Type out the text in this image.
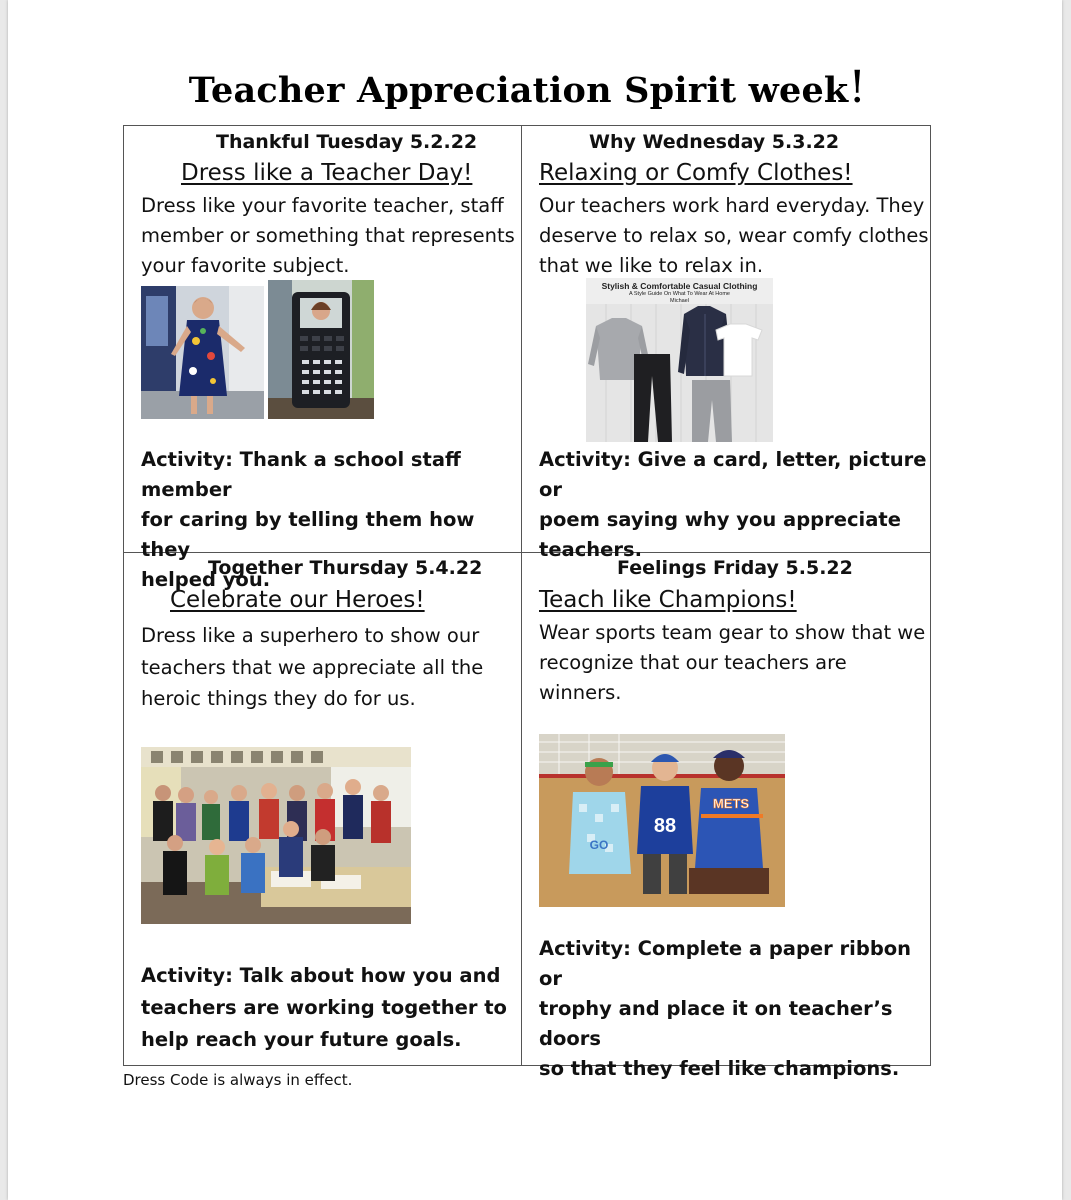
Teacher Appreciation Spirit week!
Thankful Tuesday 5.2.22
Dress like a Teacher Day!
Dress like your favorite teacher, staff
member or something that represents
your favorite subject.
Activity: Thank a school staff member
for caring by telling them how they
helped you.
Why Wednesday 5.3.22
Relaxing or Comfy Clothes!
Our teachers work hard everyday. They
deserve to relax so, wear comfy clothes
that we like to relax in.
Stylish & Comfortable Casual Clothing
A Style Guide On What To Wear At Home
Michael
Activity: Give a card, letter, picture or
poem saying why you appreciate
teachers.
Together Thursday 5.4.22
Celebrate our Heroes!
Dress like a superhero to show our
teachers that we appreciate all the
heroic things they do for us.
Activity: Talk about how you and
teachers are working together to
help reach your future goals.
Feelings Friday 5.5.22
Teach like Champions!
Wear sports team gear to show that we
recognize that our teachers are
winners.
GO
88
METS
Activity: Complete a paper ribbon or
trophy and place it on teacher’s doors
so that they feel like champions.
Dress Code is always in effect.
